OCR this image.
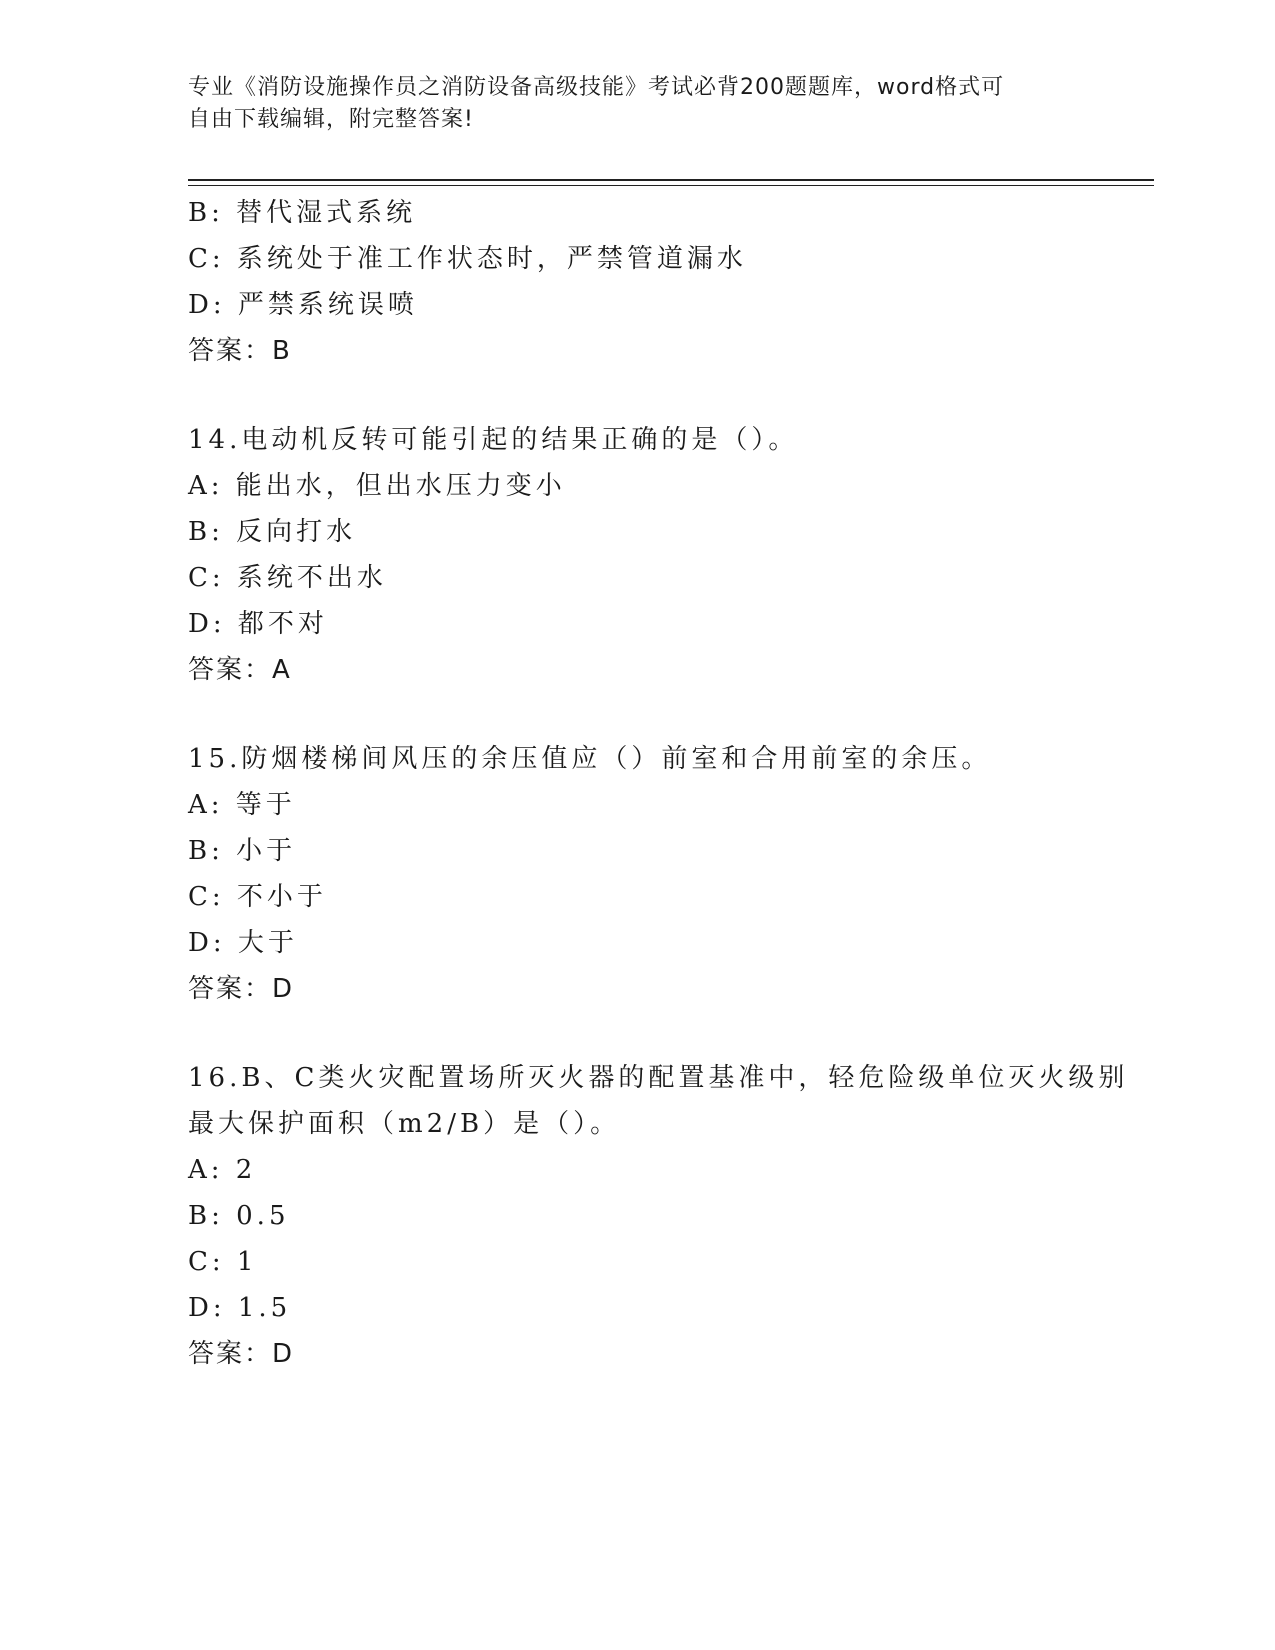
专业《消防设施操作员之消防设备高级技能》考试必背200题题库，word格式可
自由下载编辑，附完整答案!
B: 替代湿式系统
C: 系统处于准工作状态时，严禁管道漏水
D: 严禁系统误喷
答案：B
14.电动机反转可能引起的结果正确的是（）。
A: 能出水，但出水压力变小
B: 反向打水
C: 系统不出水
D: 都不对
答案：A
15.防烟楼梯间风压的余压值应（）前室和合用前室的余压。
A: 等于
B: 小于
C: 不小于
D: 大于
答案：D
16.B、C类火灾配置场所灭火器的配置基准中，轻危险级单位灭火级别
最大保护面积（m2/B）是（）。
A: 2
B: 0.5
C: 1
D: 1.5
答案：D
